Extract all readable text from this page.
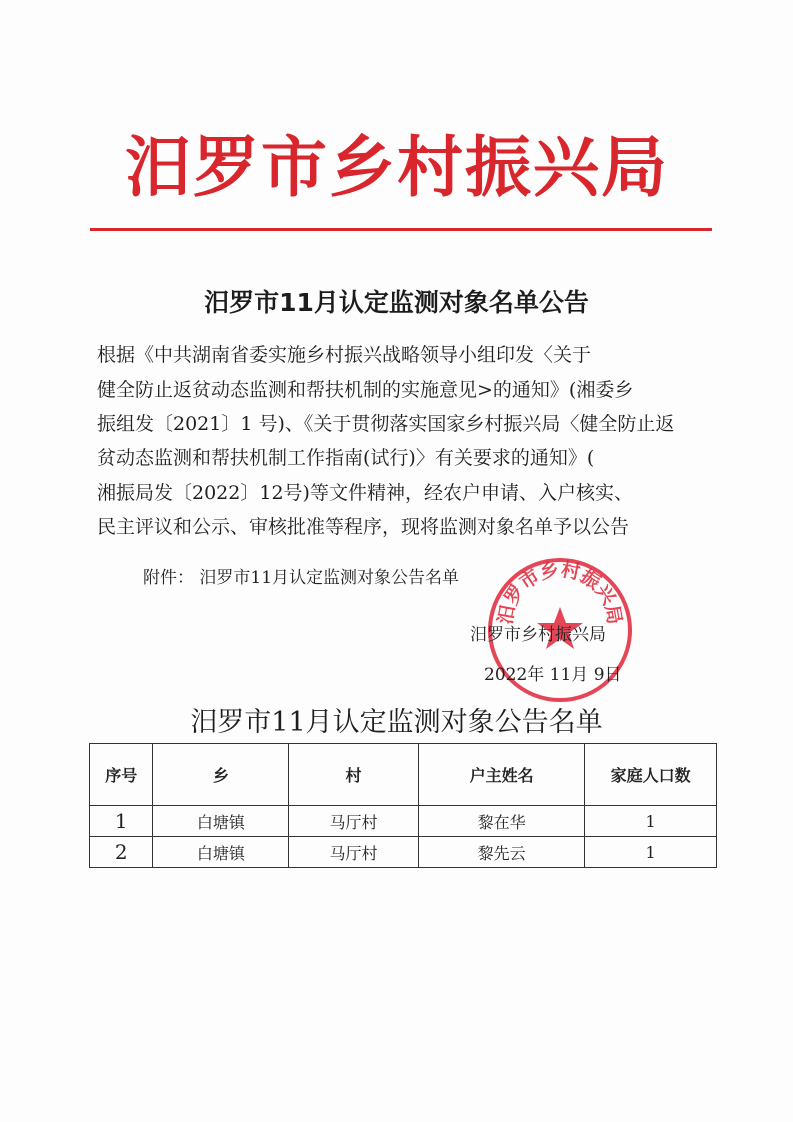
汨罗市乡村振兴局
汨罗市11月认定监测对象名单公告
根据《中共湖南省委实施乡村振兴战略领导小组印发〈关于
健全防止返贫动态监测和帮扶机制的实施意见>的通知》(湘委乡
振组发〔2021〕1 号)、《关于贯彻落实国家乡村振兴局〈健全防止返
贫动态监测和帮扶机制工作指南(试行)〉有关要求的通知》(
湘振局发〔2022〕12号)等文件精神，经农户申请、入户核实、
民主评议和公示、审核批准等程序，现将监测对象名单予以公告
附件： 汨罗市11月认定监测对象公告名单
汨罗市乡村振兴局
汨罗市乡村振兴局
2022年 11月 9日
汨罗市11月认定监测对象公告名单
序号	乡	村	户主姓名	家庭人口数
1	白塘镇	马厅村	黎在华	1
2	白塘镇	马厅村	黎先云	1
